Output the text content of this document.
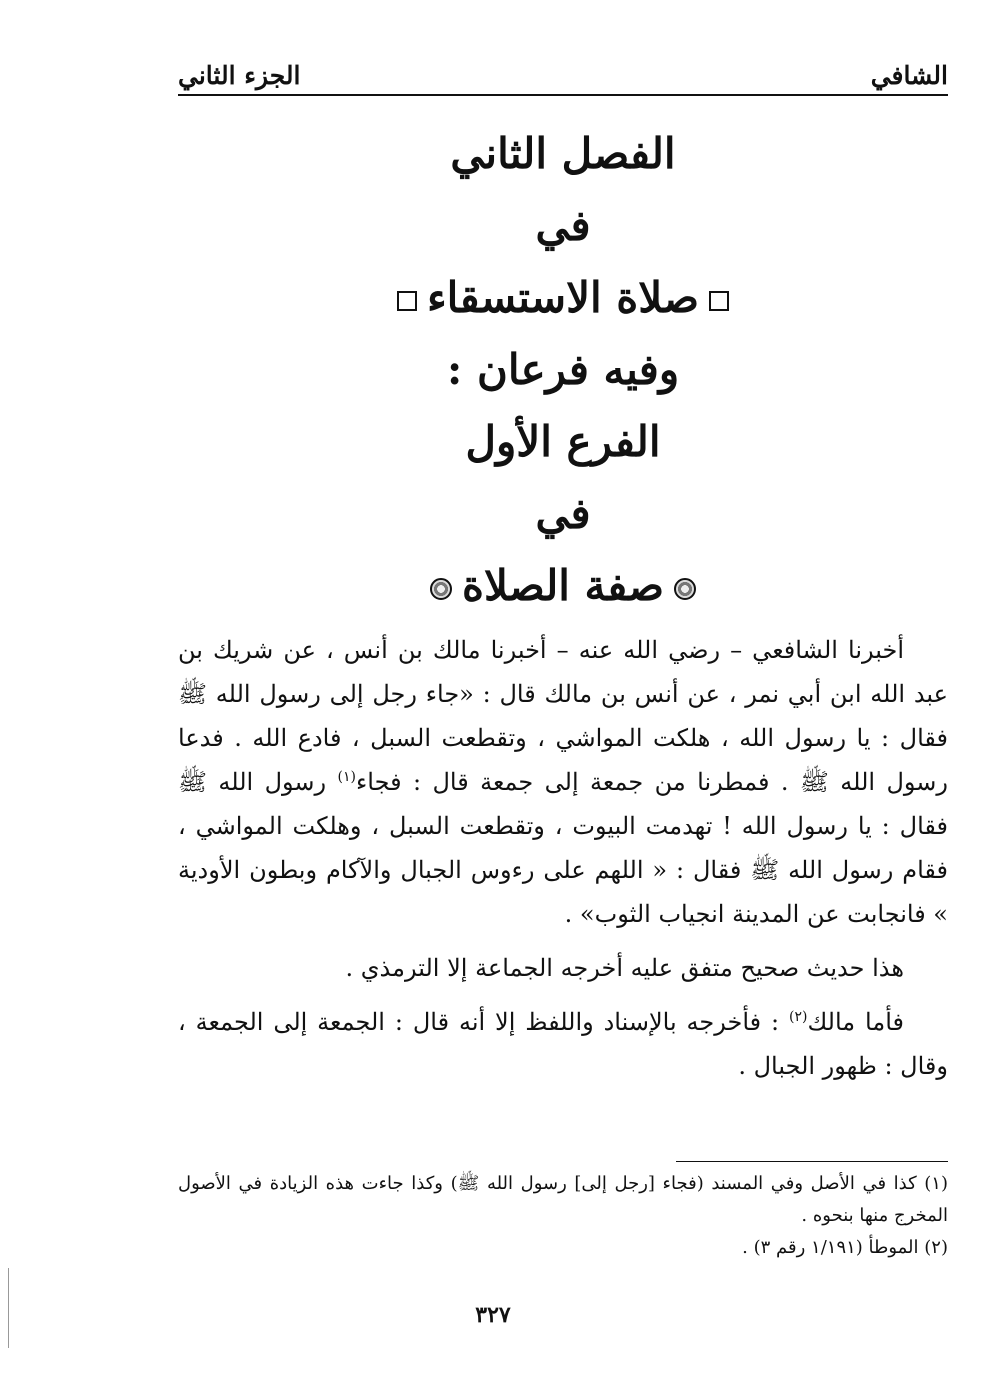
الشافي
الجزء الثاني
الفصل الثاني
في
صلاة الاستسقاء
وفيه فرعان :
الفرع الأول
في
صفة الصلاة

أخبرنا الشافعي – رضي الله عنه – أخبرنا مالك بن أنس ، عن شريك بن عبد الله ابن أبي نمر ، عن أنس بن مالك قال : «جاء رجل إلى رسول الله ﷺ فقال : يا رسول الله ، هلكت المواشي ، وتقطعت السبل ، فادع الله . فدعا رسول الله ﷺ . فمطرنا من جمعة إلى جمعة قال : فجاء$^{(١)}$ رسول الله ﷺ فقال : يا رسول الله ! تهدمت البيوت ، وتقطعت السبل ، وهلكت المواشي ، فقام رسول الله ﷺ فقال : « اللهم على رءوس الجبال والآكام وبطون الأودية » فانجابت عن المدينة انجياب الثوب» .

هذا حديث صحيح متفق عليه أخرجه الجماعة إلا الترمذي .

فأما مالك$^{(٢)}$ : فأخرجه بالإسناد واللفظ إلا أنه قال : الجمعة إلى الجمعة ، وقال : ظهور الجبال .

(١) كذا في الأصل وفي المسند (فجاء [رجل إلى] رسول الله ﷺ) وكذا جاءت هذه الزيادة في الأصول المخرج منها بنحوه .

(٢) الموطأ (١/١٩١ رقم ٣) .

٣٢٧
